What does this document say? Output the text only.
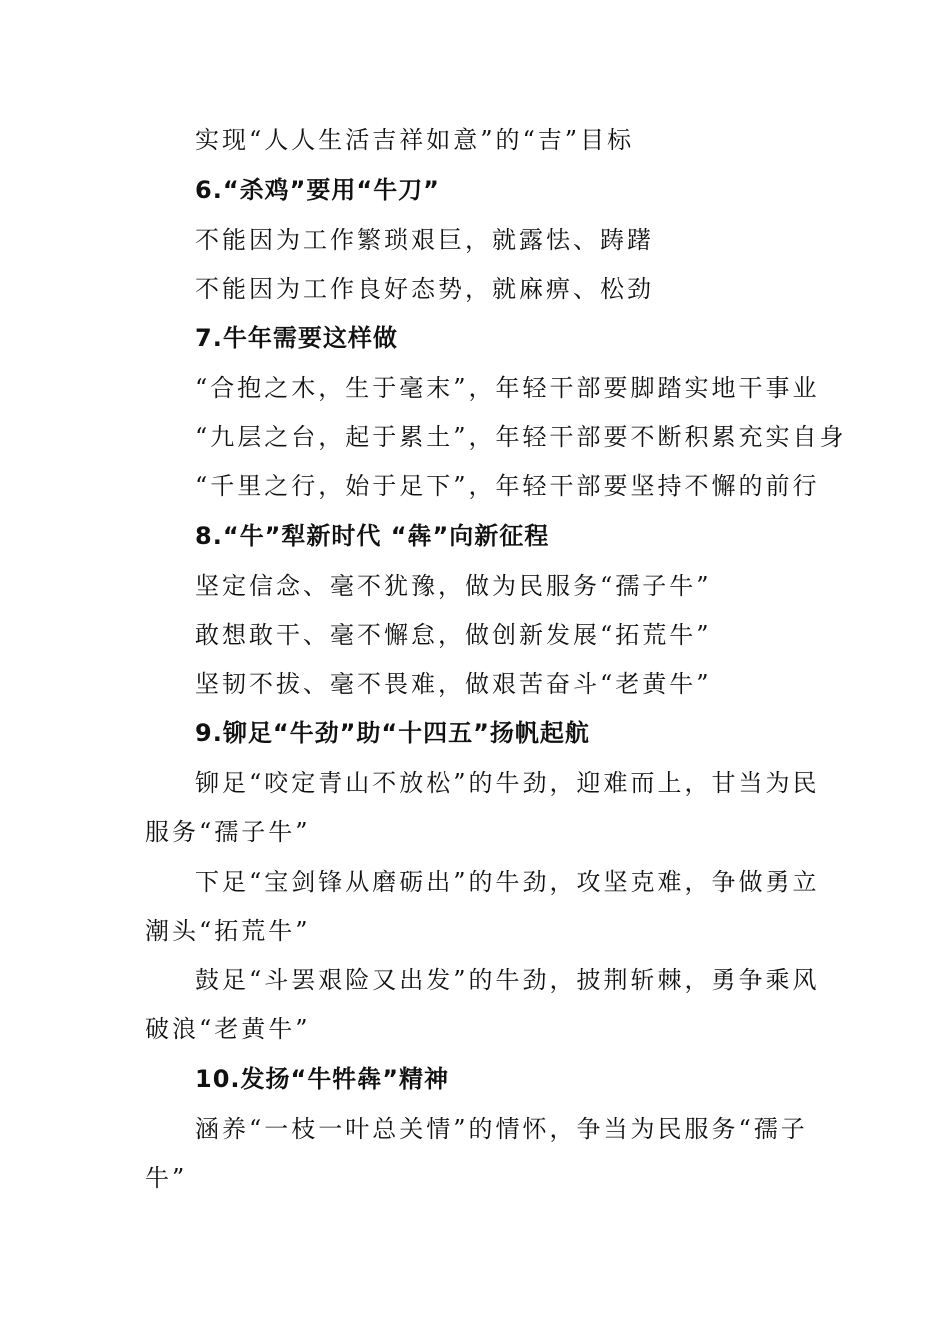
实现“人人生活吉祥如意”的“吉”目标
6.“杀鸡”要用“牛刀”
不能因为工作繁琐艰巨，就露怯、踌躇
不能因为工作良好态势，就麻痹、松劲
7.牛年需要这样做
“合抱之木，生于毫末”，年轻干部要脚踏实地干事业
“九层之台，起于累土”，年轻干部要不断积累充实自身
“千里之行，始于足下”，年轻干部要坚持不懈的前行
8.“牛”犁新时代 “犇”向新征程
坚定信念、毫不犹豫，做为民服务“孺子牛”
敢想敢干、毫不懈怠，做创新发展“拓荒牛”
坚韧不拔、毫不畏难，做艰苦奋斗“老黄牛”
9.铆足“牛劲”助“十四五”扬帆起航
铆足“咬定青山不放松”的牛劲，迎难而上，甘当为民
服务“孺子牛”
下足“宝剑锋从磨砺出”的牛劲，攻坚克难，争做勇立
潮头“拓荒牛”
鼓足“斗罢艰险又出发”的牛劲，披荆斩棘，勇争乘风
破浪“老黄牛”
10.发扬“牛牪犇”精神
涵养“一枝一叶总关情”的情怀，争当为民服务“孺子
牛”
